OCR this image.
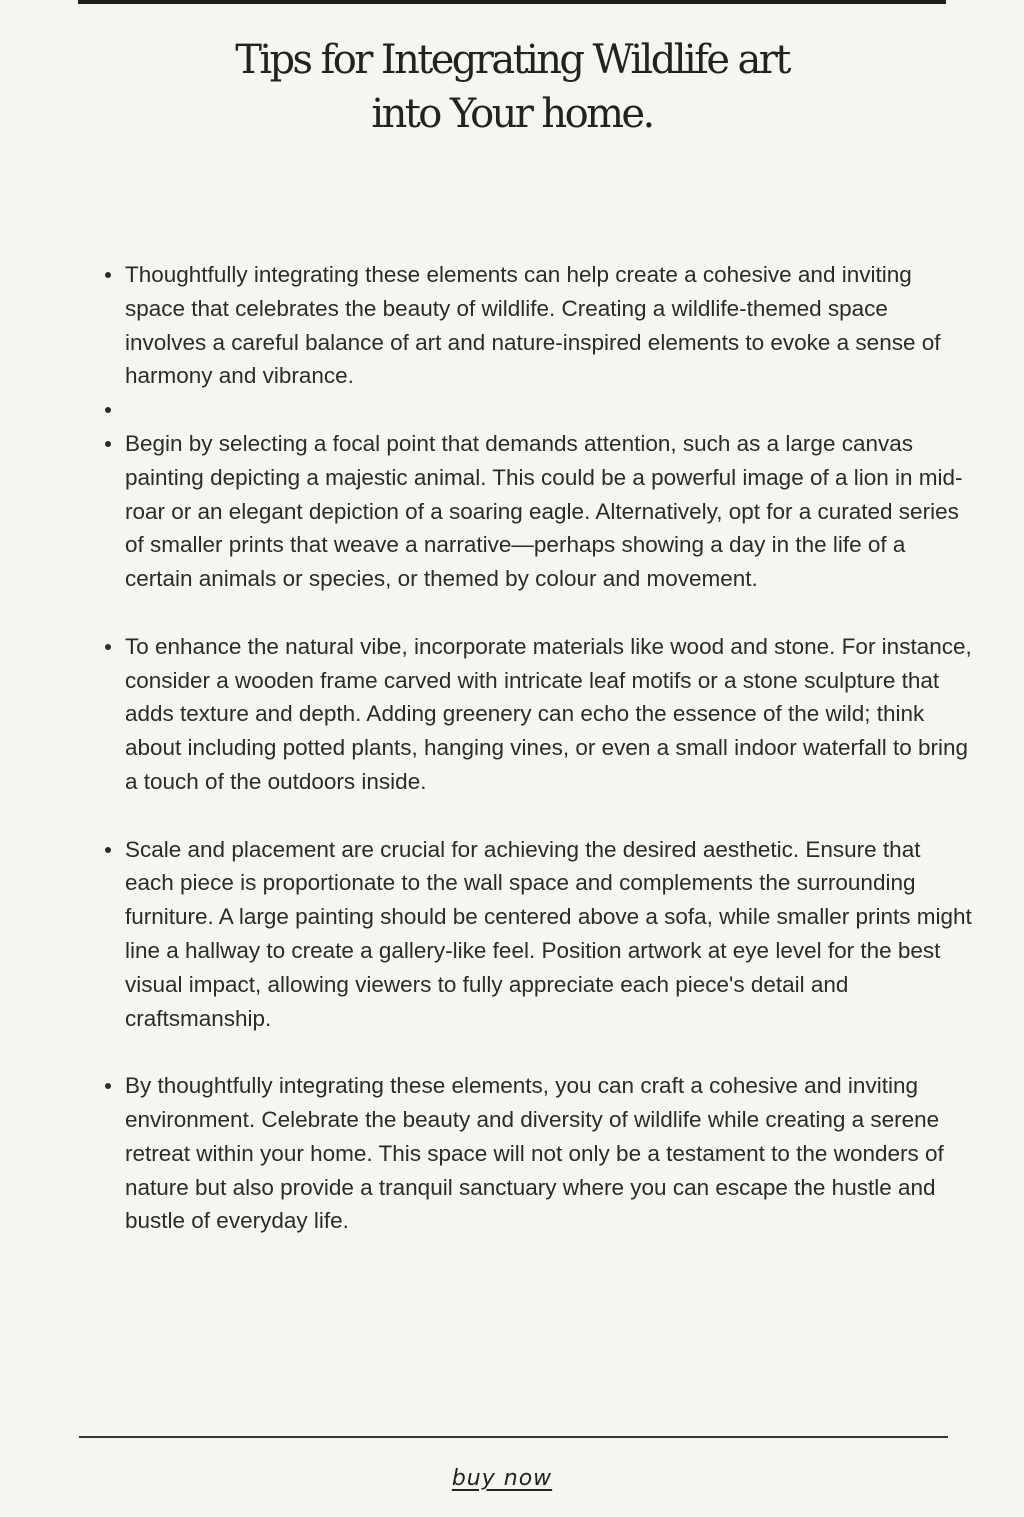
Tips for Integrating Wildlife art
into Your home.
Thoughtfully integrating these elements can help create a cohesive and inviting space that celebrates the beauty of wildlife. Creating a wildlife-themed space involves a careful balance of art and nature-inspired elements to evoke a sense of harmony and vibrance.
Begin by selecting a focal point that demands attention, such as a large canvas painting depicting a majestic animal. This could be a powerful image of a lion in mid-roar or an elegant depiction of a soaring eagle. Alternatively, opt for a curated series of smaller prints that weave a narrative—perhaps showing a day in the life of a certain animals or species, or themed by colour and movement.
To enhance the natural vibe, incorporate materials like wood and stone. For instance, consider a wooden frame carved with intricate leaf motifs or a stone sculpture that adds texture and depth. Adding greenery can echo the essence of the wild; think about including potted plants, hanging vines, or even a small indoor waterfall to bring a touch of the outdoors inside.
Scale and placement are crucial for achieving the desired aesthetic. Ensure that each piece is proportionate to the wall space and complements the surrounding furniture. A large painting should be centered above a sofa, while smaller prints might line a hallway to create a gallery-like feel. Position artwork at eye level for the best visual impact, allowing viewers to fully appreciate each piece's detail and craftsmanship.
By thoughtfully integrating these elements, you can craft a cohesive and inviting environment. Celebrate the beauty and diversity of wildlife while creating a serene retreat within your home. This space will not only be a testament to the wonders of nature but also provide a tranquil sanctuary where you can escape the hustle and bustle of everyday life.
buy now
